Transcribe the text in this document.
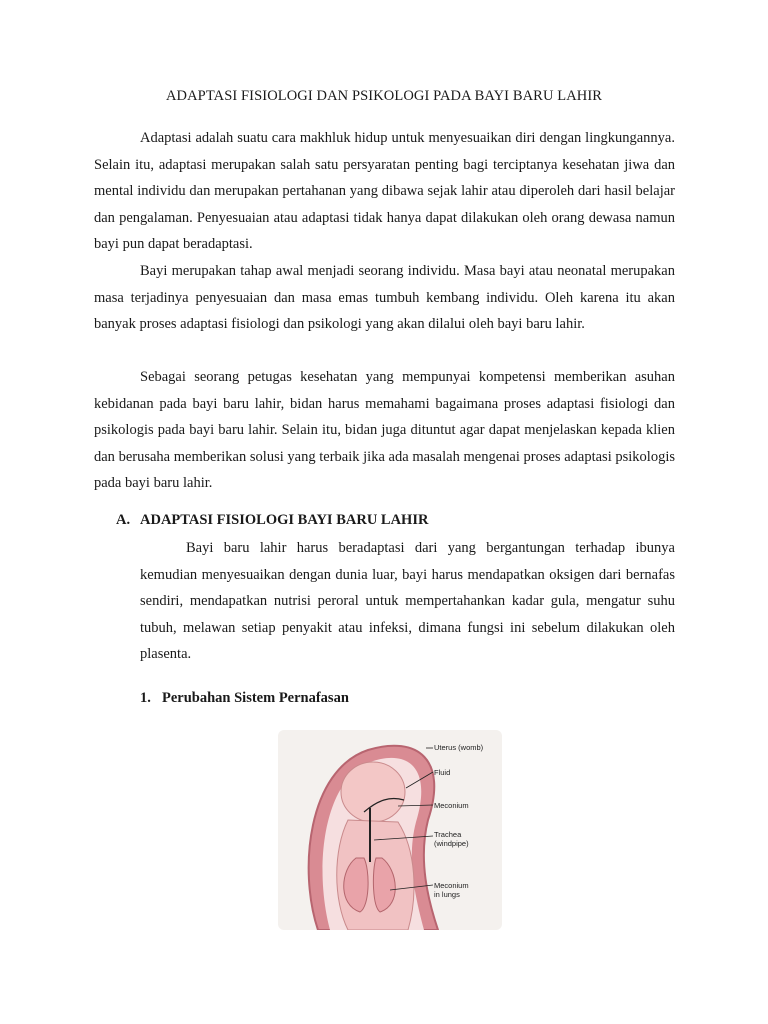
ADAPTASI FISIOLOGI DAN PSIKOLOGI PADA BAYI BARU LAHIR

Adaptasi adalah suatu cara makhluk hidup untuk menyesuaikan diri dengan lingkungannya. Selain itu, adaptasi merupakan salah satu persyaratan penting bagi terciptanya kesehatan jiwa dan mental individu dan merupakan pertahanan yang dibawa sejak lahir atau diperoleh dari hasil belajar dan pengalaman. Penyesuaian atau adaptasi tidak hanya dapat dilakukan oleh orang dewasa namun bayi pun dapat beradaptasi.

Bayi merupakan tahap awal menjadi seorang individu. Masa bayi atau neonatal merupakan masa terjadinya penyesuaian dan masa emas tumbuh kembang individu. Oleh karena itu akan banyak proses adaptasi fisiologi dan psikologi yang akan dilalui oleh bayi baru lahir.

Sebagai seorang petugas kesehatan yang mempunyai kompetensi memberikan asuhan kebidanan pada bayi baru lahir, bidan harus memahami bagaimana proses adaptasi fisiologi dan psikologis pada bayi baru lahir. Selain itu, bidan juga dituntut agar dapat menjelaskan kepada klien dan berusaha memberikan solusi yang terbaik jika ada masalah mengenai proses adaptasi psikologis pada bayi baru lahir.

A. ADAPTASI FISIOLOGI BAYI BARU LAHIR

Bayi baru lahir harus beradaptasi dari yang bergantungan terhadap ibunya kemudian menyesuaikan dengan dunia luar, bayi harus mendapatkan oksigen dari bernafas sendiri, mendapatkan nutrisi peroral untuk mempertahankan kadar gula, mengatur suhu tubuh, melawan setiap penyakit atau infeksi, dimana fungsi ini sebelum dilakukan oleh plasenta.

1. Perubahan Sistem Pernafasan
Uterus (womb)
Fluid
Meconium
Trachea
(windpipe)
Meconium
in lungs
